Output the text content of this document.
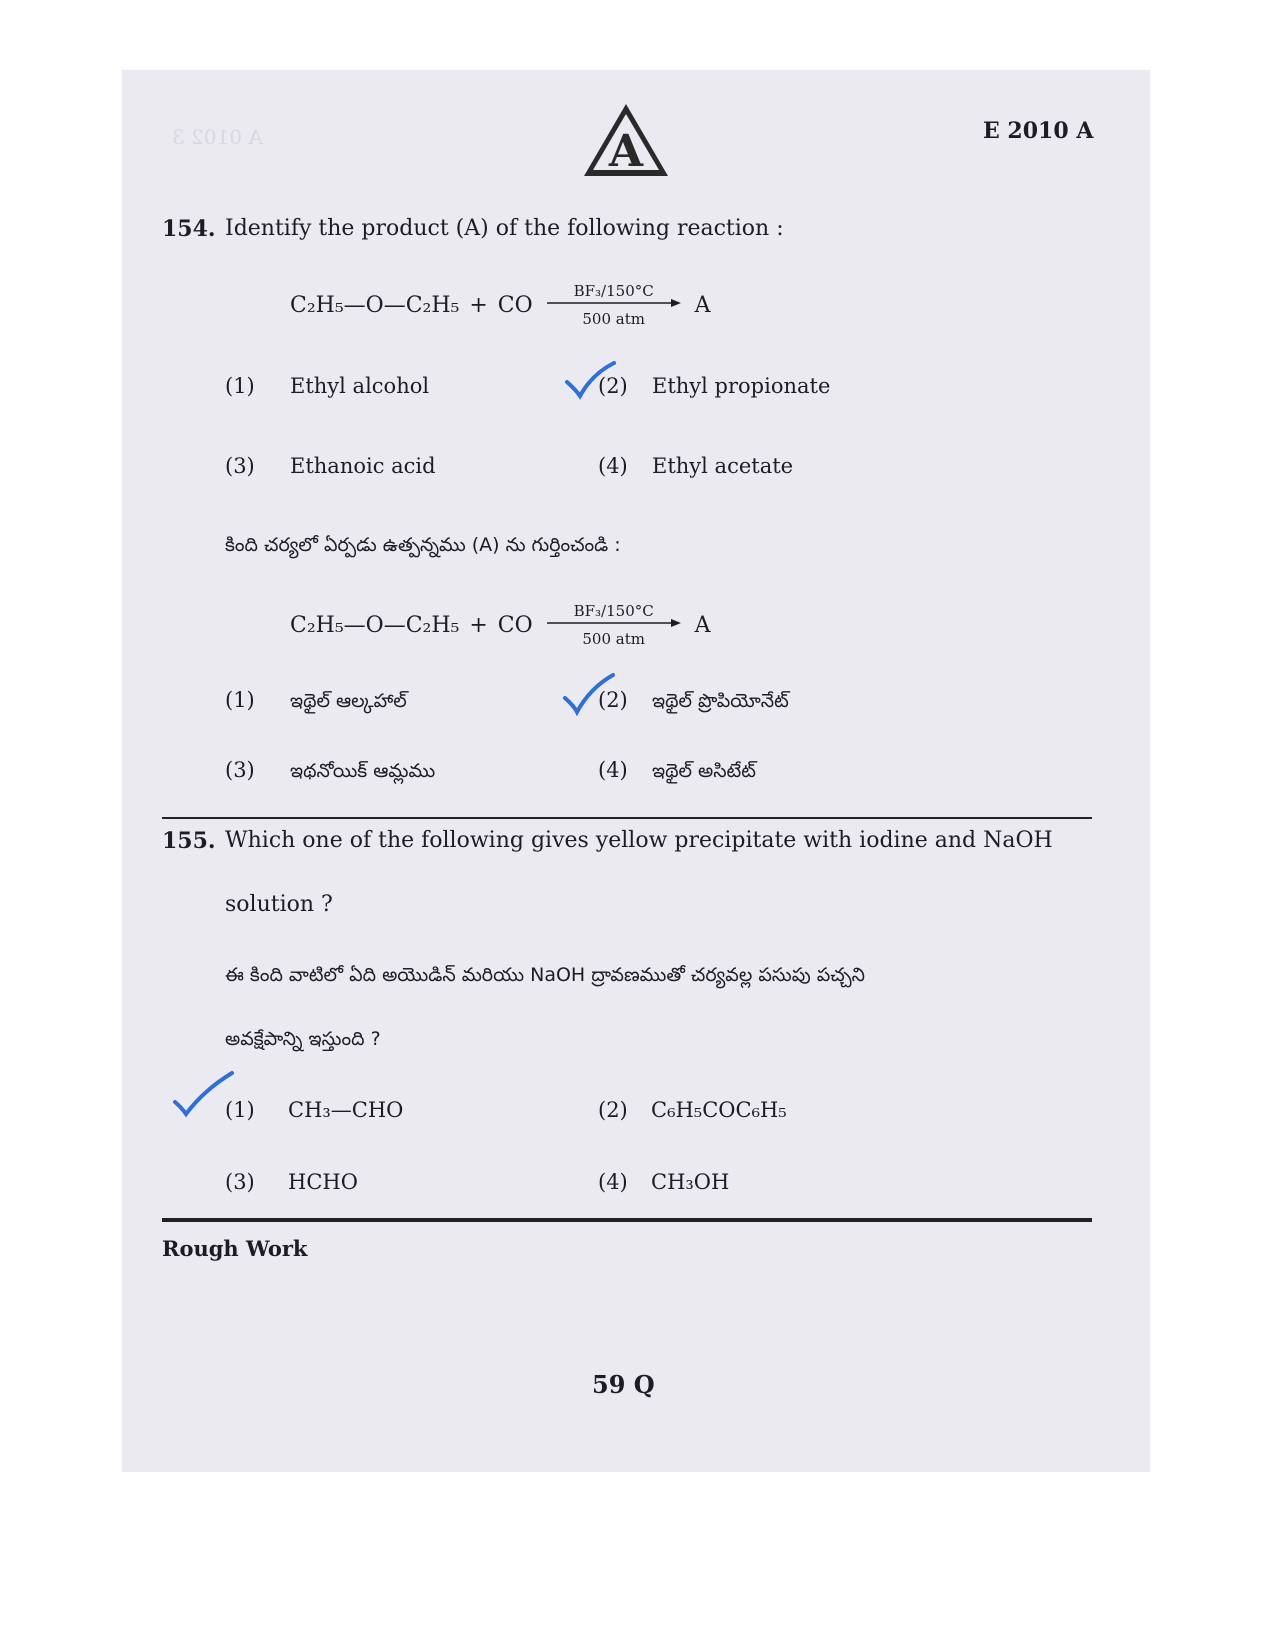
A 0102 3	A	E 2010 A
154. Identify the product (A) of the following reaction :
C₂H₅—O—C₂H₅ + CO
BF₃/150°C
500 atm
A
(1) Ethyl alcohol	(2) Ethyl propionate
(3) Ethanoic acid	(4) Ethyl acetate
కింది చర్యలో ఏర్పడు ఉత్పన్నము (A) ను గుర్తించండి :
C₂H₅—O—C₂H₅ + CO
BF₃/150°C
500 atm
A
(1) ఇథైల్ ఆల్కహాల్	(2) ఇథైల్ ప్రొపియోనేట్
(3) ఇథనోయిక్ ఆమ్లము	(4) ఇథైల్ అసిటేట్
155. Which one of the following gives yellow precipitate with iodine and NaOH
solution ?
ఈ కింది వాటిలో ఏది అయొడిన్ మరియు NaOH ద్రావణముతో చర్యవల్ల పసుపు పచ్చని
అవక్షేపాన్ని ఇస్తుంది ?
(1) CH₃—CHO	(2) C₆H₅COC₆H₅
(3) HCHO	(4) CH₃OH
Rough Work
59 Q
